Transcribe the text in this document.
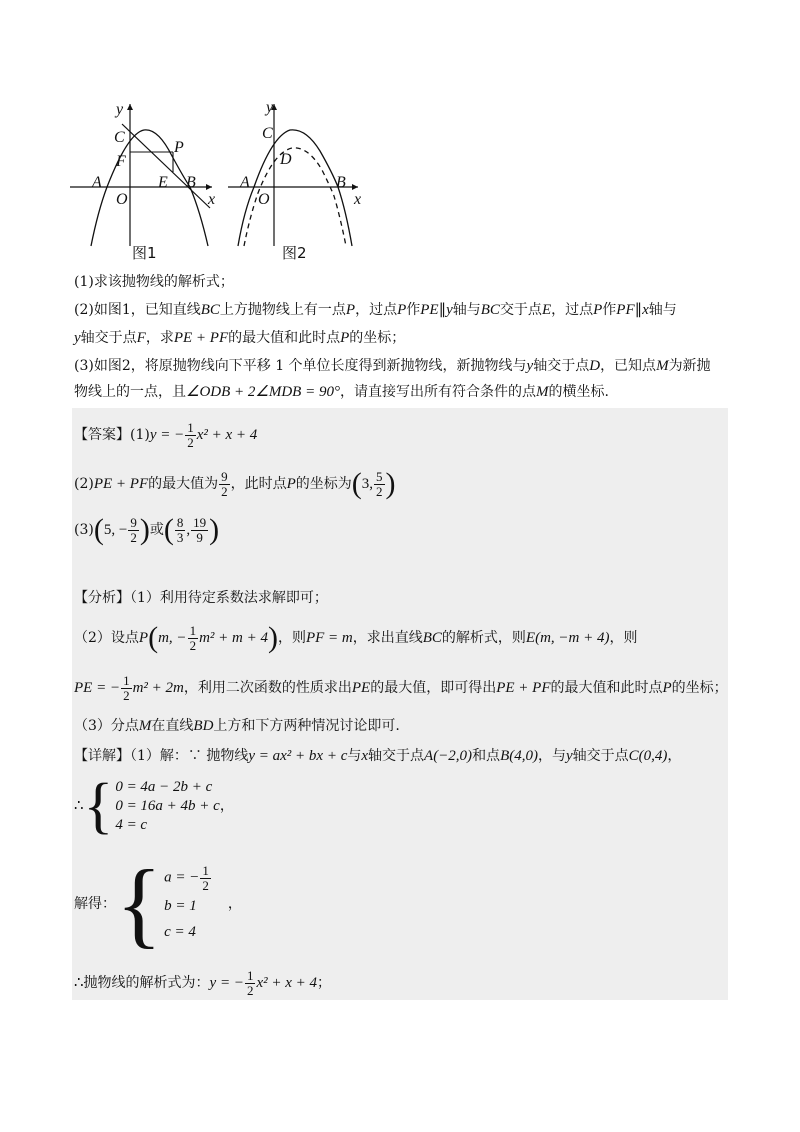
y
x
C
P
F
A
O
E B
图1
y
x
C
D
A
O
B
图2
(1)求该抛物线的解析式；
(2)如图1，已知直线BC上方抛物线上有一点P，过点P作PE∥y轴与BC交于点E，过点P作PF∥x轴与
y轴交于点F，求PE + PF的最大值和此时点P的坐标；
(3)如图2，将原抛物线向下平移 1 个单位长度得到新抛物线，新抛物线与y轴交于点D，已知点M为新抛
物线上的一点，且∠ODB + 2∠MDB = 90°，请直接写出所有符合条件的点M的横坐标.
【答案】(1)y = − $\frac{1}{2} x^2 + x + 4$
(2)PE + PF的最大值为 $\frac{9}{2}$ ，此时点P的坐标为(3, $\frac{5}{2}$ )
(3)(5, − $\frac{9}{2}$ )或( $\frac{8}{3}$ , $\frac{19}{9}$ )
【分析】（1）利用待定系数法求解即可；
（2）设点P(m, − $\frac{1}{2} m^2 + m + 4$)，则PF = m，求出直线BC的解析式，则E(m, −m + 4)，则
PE = − $\frac{1}{2} m^2 + 2m$，利用二次函数的性质求出PE的最大值，即可得出PE + PF的最大值和此时点P的坐标；
（3）分点M在直线BD上方和下方两种情况讨论即可.
【详解】（1）解：∵ 抛物线y = ax² + bx + c与x轴交于点A(−2,0)和点B(4,0)，与y轴交于点C(0,4)，
∴ { 0 = 4a − 2b + c
0 = 16a + 4b + c
4 = c
，
解得： { a = − $\frac{1}{2}$
b = 1
c = 4
，
∴抛物线的解析式为：y = − $\frac{1}{2} x^2 + x + 4$；
